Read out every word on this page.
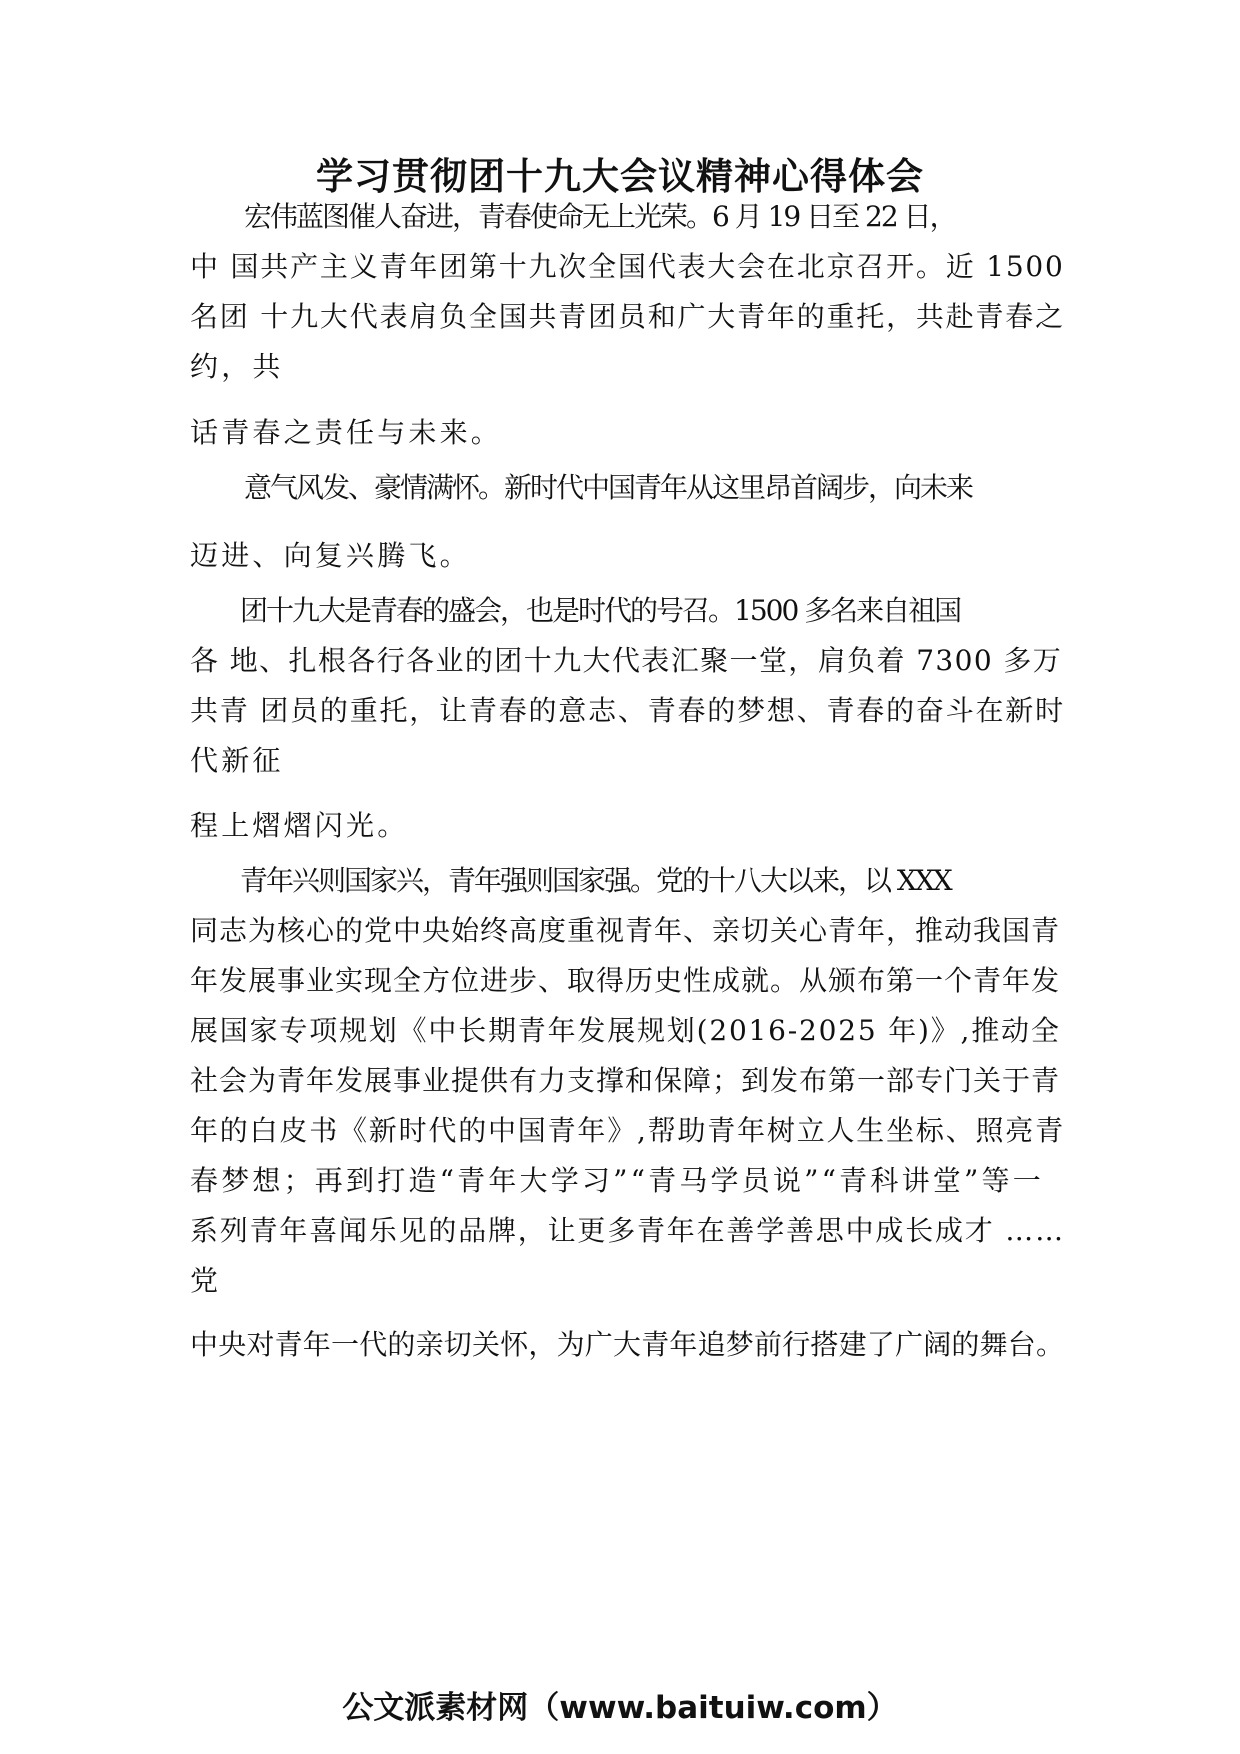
学习贯彻团十九大会议精神心得体会

宏伟蓝图催人奋进，青春使命无上光荣。6 月 19 日至 22 日，

中 国共产主义青年团第十九次全国代表大会在北京召开。近 1500

名团 十九大代表肩负全国共青团员和广大青年的重托，共赴青春之

约，共

话青春之责任与未来。

意气风发、豪情满怀。新时代中国青年从这里昂首阔步，向未来

迈进、向复兴腾飞。

团十九大是青春的盛会，也是时代的号召。1500 多名来自祖国

各 地、扎根各行各业的团十九大代表汇聚一堂，肩负着 7300 多万

共青 团员的重托，让青春的意志、青春的梦想、青春的奋斗在新时

代新征

程上熠熠闪光。

青年兴则国家兴，青年强则国家强。党的十八大以来，以 XXX

同志为核心的党中央始终高度重视青年、亲切关心青年，推动我国青

年发展事业实现全方位进步、取得历史性成就。从颁布第一个青年发

展国家专项规划《中长期青年发展规划(2016-2025 年)》,推动全

社会为青年发展事业提供有力支撑和保障；到发布第一部专门关于青

年的白皮书《新时代的中国青年》,帮助青年树立人生坐标、照亮青

春梦想；再到打造“青年大学习”“青马学员说”“青科讲堂”等一

系列青年喜闻乐见的品牌，让更多青年在善学善思中成长成才 ……

党

中央对青年一代的亲切关怀，为广大青年追梦前行搭建了广阔的舞台。

公文派素材网（www.baituiw.com）
